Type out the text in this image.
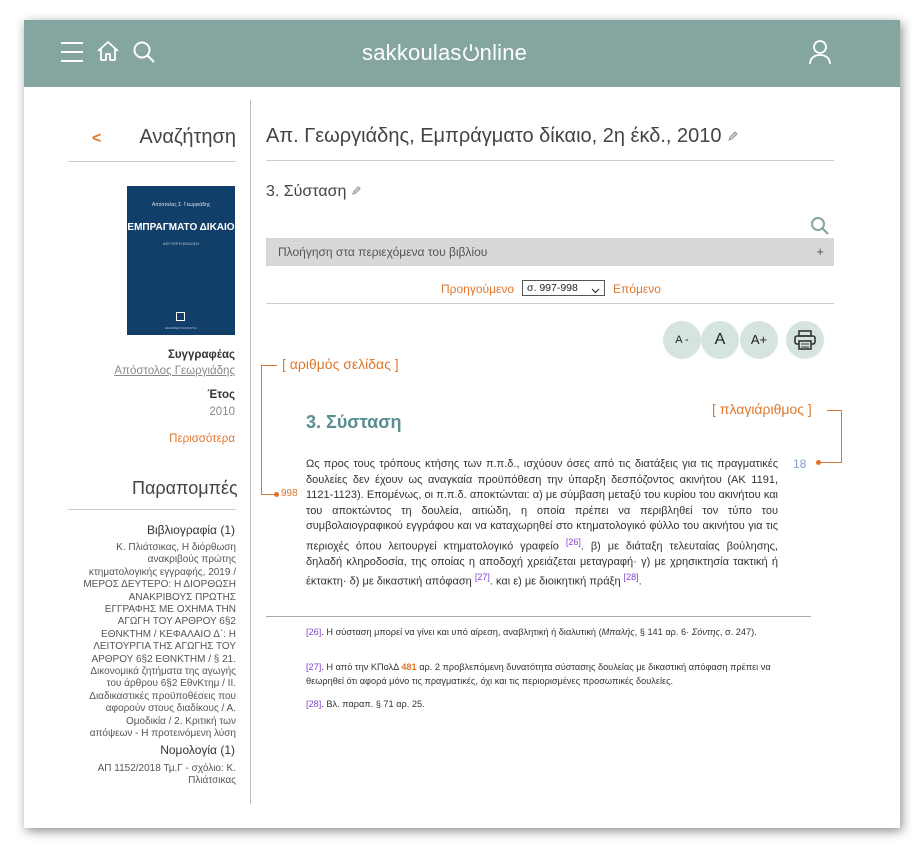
sakkoulas nline
<	Αναζήτηση
Απόστολος Σ. Γεωργιάδης
ΕΜΠΡΑΓΜΑΤΟ ΔΙΚΑΙΟ
ΔΕΥΤΕΡΗ ΕΚΔΟΣΗ
ΕΚΔΟΣΕΙΣ ΣΑΚΚΟΥΛΑ
Συγγραφέας
Απόστολος Γεωργιάδης
Έτος
2010
Περισσότερα
Παραπομπές
Βιβλιογραφία (1)
Κ. Πλιάτσικας, Η διόρθωση ανακριβούς πρώτης κτηματολογικής εγγραφής, 2019 / ΜΕΡΟΣ ΔΕΥΤΕΡΟ: Η ΔΙΟΡΘΩΣΗ ΑΝΑΚΡΙΒΟΥΣ ΠΡΩΤΗΣ ΕΓΓΡΑΦΗΣ ΜΕ ΟΧΗΜΑ ΤΗΝ ΑΓΩΓΗ ΤΟΥ ΑΡΘΡΟΥ 6§2 ΕΘΝΚΤΗΜ / ΚΕΦΑΛΑΙΟ Δ΄: Η ΛΕΙΤΟΥΡΓΙΑ ΤΗΣ ΑΓΩΓΗΣ ΤΟΥ ΑΡΘΡΟΥ 6§2 ΕΘΝΚΤΗΜ / § 21. Δικονομικά ζητήματα της αγωγής του άρθρου 6§2 ΕθνΚτημ / ΙΙ. Διαδικαστικές προϋποθέσεις που αφορούν στους διαδίκους / Α. Ομοδικία / 2. Κριτική των απόψεων - Η προτεινόμενη λύση
Νομολογία (1)
ΑΠ 1152/2018 Τμ.Γ - σχόλιο: Κ. Πλιάτσικας
Απ. Γεωργιάδης, Εμπράγματο δίκαιο, 2η έκδ., 2010
3. Σύσταση
Πλοήγηση στα περιεχόμενα του βιβλίου	+
Προηγούμενο	σ. 997-998	Επόμενο
A -	A	A+
[ αριθμός σελίδας ]
[ πλαγιάριθμος ]
3. Σύσταση
18
998
Ως προς τους τρόπους κτήσης των π.π.δ., ισχύουν όσες από τις διατάξεις για τις πραγματικές δουλείες δεν έχουν ως αναγκαία προϋπόθεση την ύπαρξη δεσπόζοντος ακινήτου (ΑΚ 1191, 1121-1123). Επομένως, οι π.π.δ. αποκτώνται: α) με σύμβαση μεταξύ του κυρίου του ακινήτου και του αποκτώντος τη δουλεία, αιτιώδη, η οποία πρέπει να περιβληθεί τον τύπο του συμβολαιογραφικού εγγράφου και να καταχωρηθεί στο κτηματολογικό φύλλο του ακινήτου για τις περιοχές όπου λειτουργεί κτηματολογικό γραφείο [26]. β) με διάταξη τελευταίας βούλησης, δηλαδή κληροδοσία, της οποίας η αποδοχή χρειάζεται μεταγραφή· γ) με χρησικτησία τακτική ή έκτακτη· δ) με δικαστική απόφαση [27]. και ε) με διοικητική πράξη [28].
[26]. Η σύσταση μπορεί να γίνει και υπό αίρεση, αναβλητική ή διαλυτική (Μπαλής, § 141 αρ. 6· Σόντης, σ. 247).
[27]. Η από την ΚΠολΔ 481 αρ. 2 προβλεπόμενη δυνατότητα σύστασης δουλείας με δικαστική απόφαση πρέπει να θεωρηθεί ότι αφορά μόνο τις πραγματικές, όχι και τις περιορισμένες προσωπικές δουλείες.
[28]. Βλ. παραπ. § 71 αρ. 25.
